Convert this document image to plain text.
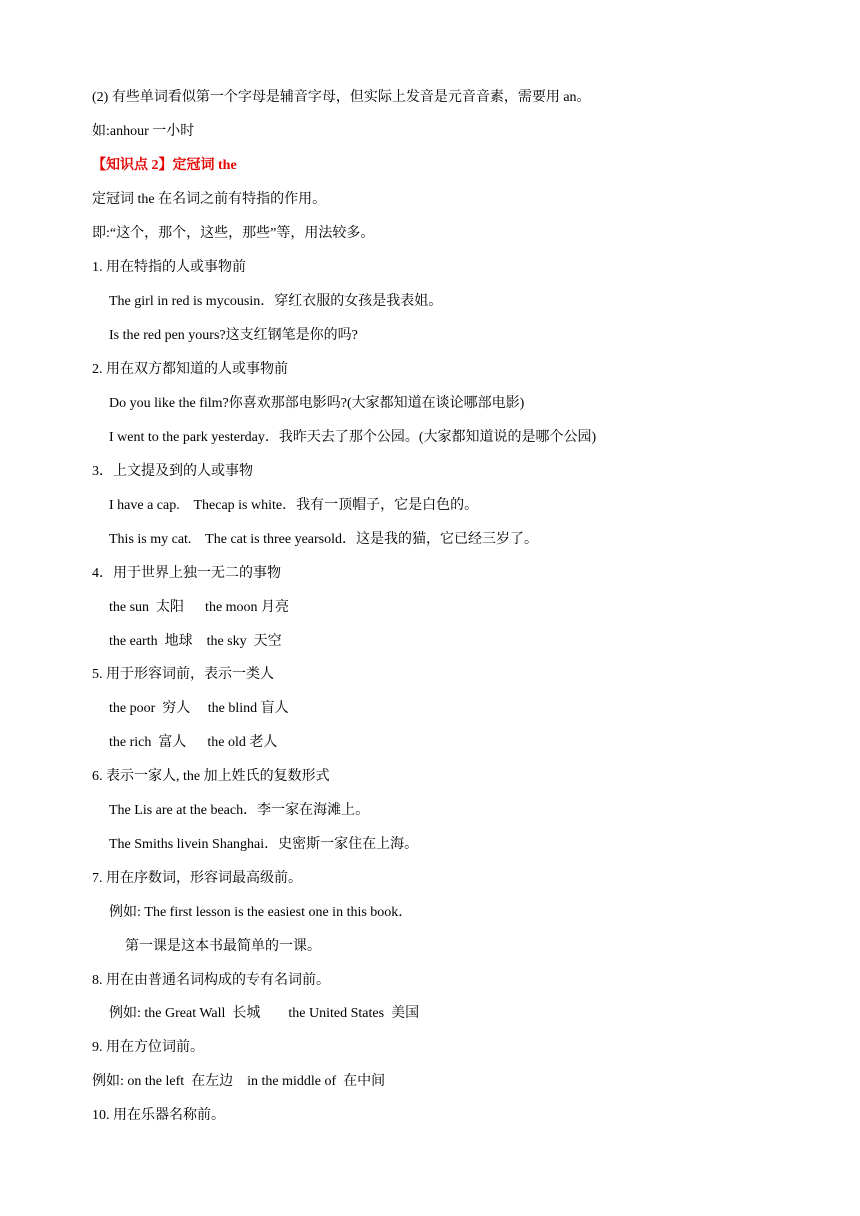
(2) 有些单词看似第一个字母是辅音字母，但实际上发音是元音音素，需要用 an。
如:anhour 一小时
【知识点 2】定冠词 the
定冠词 the 在名词之前有特指的作用。
即:“这个，那个，这些，那些”等，用法较多。
1. 用在特指的人或事物前
The girl in red is mycousin．穿红衣服的女孩是我表姐。
Is the red pen yours?这支红钢笔是你的吗?
2. 用在双方都知道的人或事物前
Do you like the film?你喜欢那部电影吗?(大家都知道在谈论哪部电影)
I went to the park yesterday．我昨天去了那个公园。(大家都知道说的是哪个公园)
3．上文提及到的人或事物
I have a cap.    Thecap is white．我有一顶帽子，它是白色的。
This is my cat.    The cat is three yearsold．这是我的猫，它已经三岁了。
4．用于世界上独一无二的事物
the sun  太阳      the moon 月亮
the earth  地球    the sky  天空
5. 用于形容词前，表示一类人
the poor  穷人     the blind 盲人
the rich  富人      the old 老人
6. 表示一家人, the 加上姓氏的复数形式
The Lis are at the beach．李一家在海滩上。
The Smiths livein Shanghai．史密斯一家住在上海。
7. 用在序数词，形容词最高级前。
例如: The first lesson is the easiest one in this book．
第一课是这本书最简单的一课。
8. 用在由普通名词构成的专有名词前。
例如: the Great Wall  长城        the United States  美国
9. 用在方位词前。
例如: on the left  在左边    in the middle of  在中间
10. 用在乐器名称前。
